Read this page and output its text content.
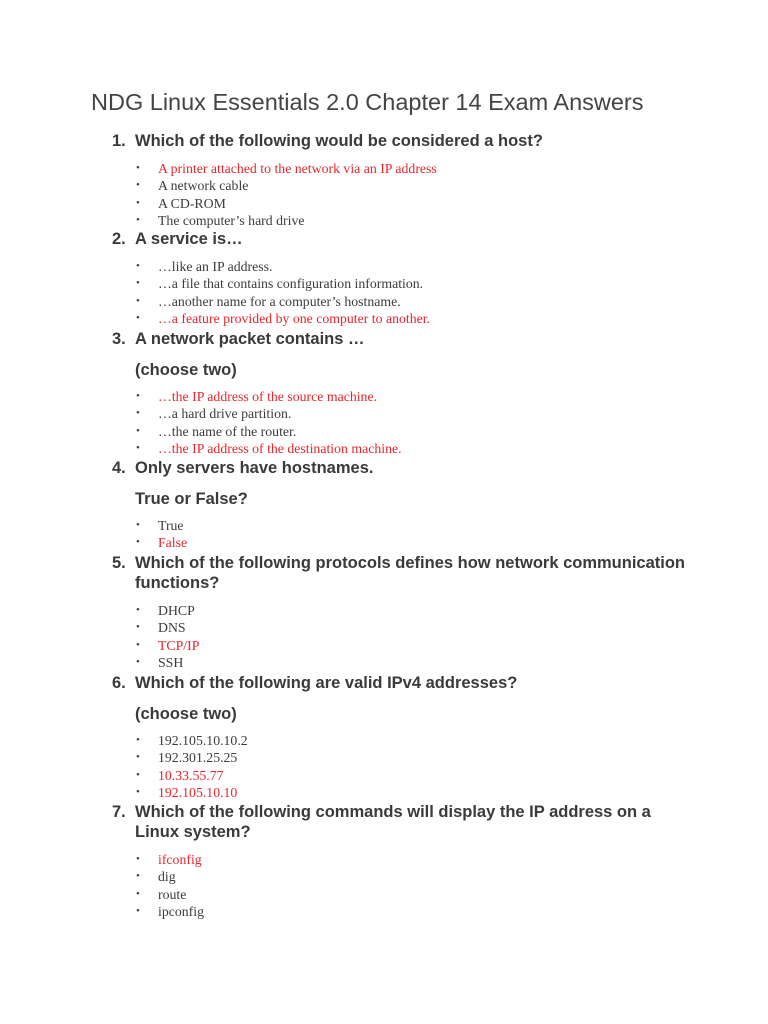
NDG Linux Essentials 2.0 Chapter 14 Exam Answers
1. Which of the following would be considered a host?
• A printer attached to the network via an IP address
• A network cable
• A CD-ROM
• The computer’s hard drive
2. A service is…
• …like an IP address.
• …a file that contains configuration information.
• …another name for a computer’s hostname.
• …a feature provided by one computer to another.
3. A network packet contains …
(choose two)
• …the IP address of the source machine.
• …a hard drive partition.
• …the name of the router.
• …the IP address of the destination machine.
4. Only servers have hostnames.
True or False?
• True
• False
5. Which of the following protocols defines how network communication functions?
• DHCP
• DNS
• TCP/IP
• SSH
6. Which of the following are valid IPv4 addresses?
(choose two)
• 192.105.10.10.2
• 192.301.25.25
• 10.33.55.77
• 192.105.10.10
7. Which of the following commands will display the IP address on a Linux system?
• ifconfig
• dig
• route
• ipconfig
